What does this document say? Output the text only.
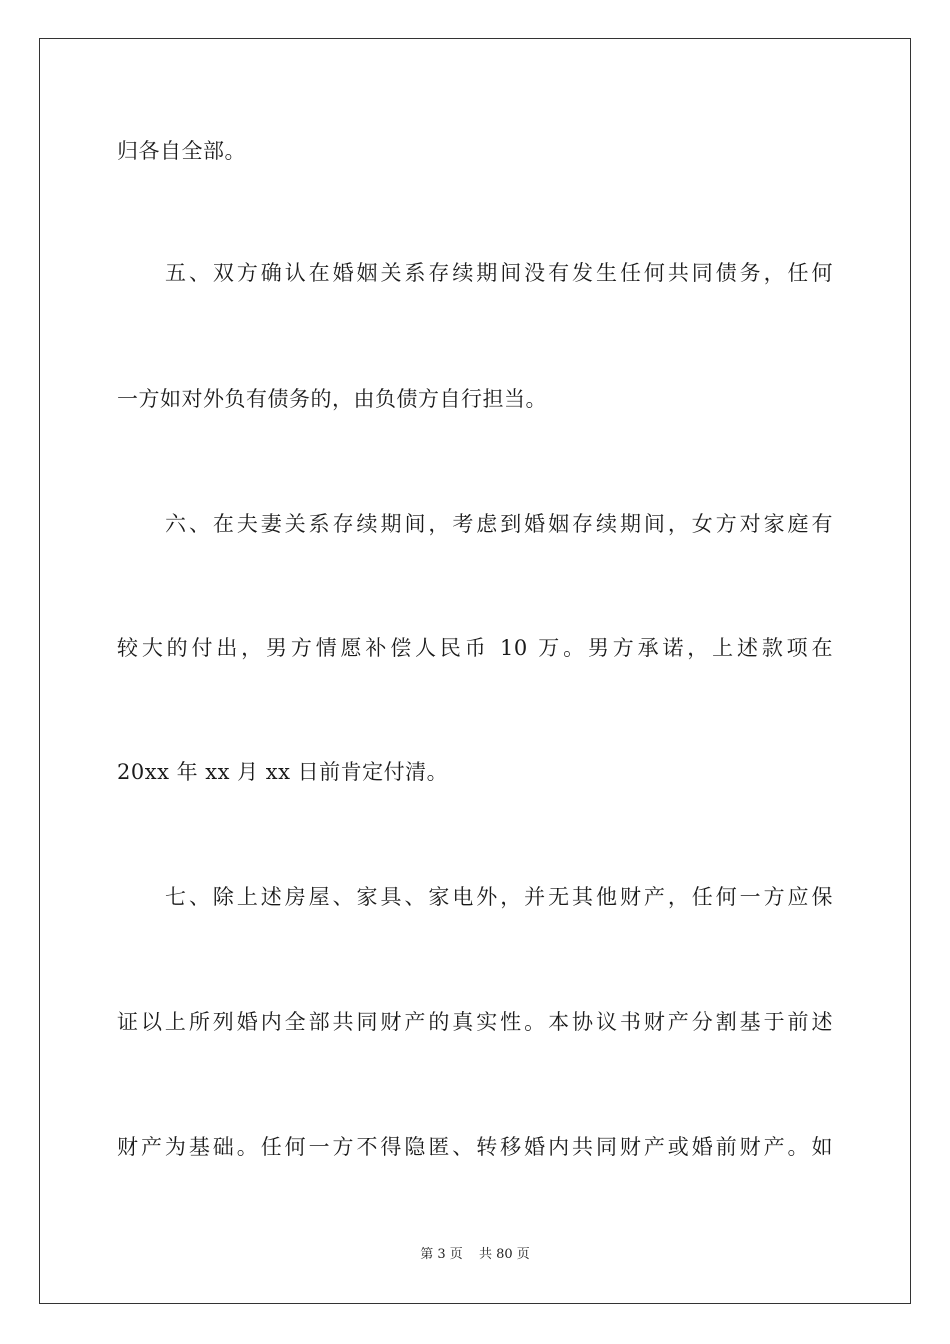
归各自全部。
五、双方确认在婚姻关系存续期间没有发生任何共同债务，任何
一方如对外负有债务的，由负债方自行担当。
六、在夫妻关系存续期间，考虑到婚姻存续期间，女方对家庭有
较大的付出，男方情愿补偿人民币 10 万。男方承诺，上述款项在
20xx 年 xx 月 xx 日前肯定付清。
七、除上述房屋、家具、家电外，并无其他财产，任何一方应保
证以上所列婚内全部共同财产的真实性。本协议书财产分割基于前述
财产为基础。任何一方不得隐匿、转移婚内共同财产或婚前财产。如
第 3 页 共 80 页
